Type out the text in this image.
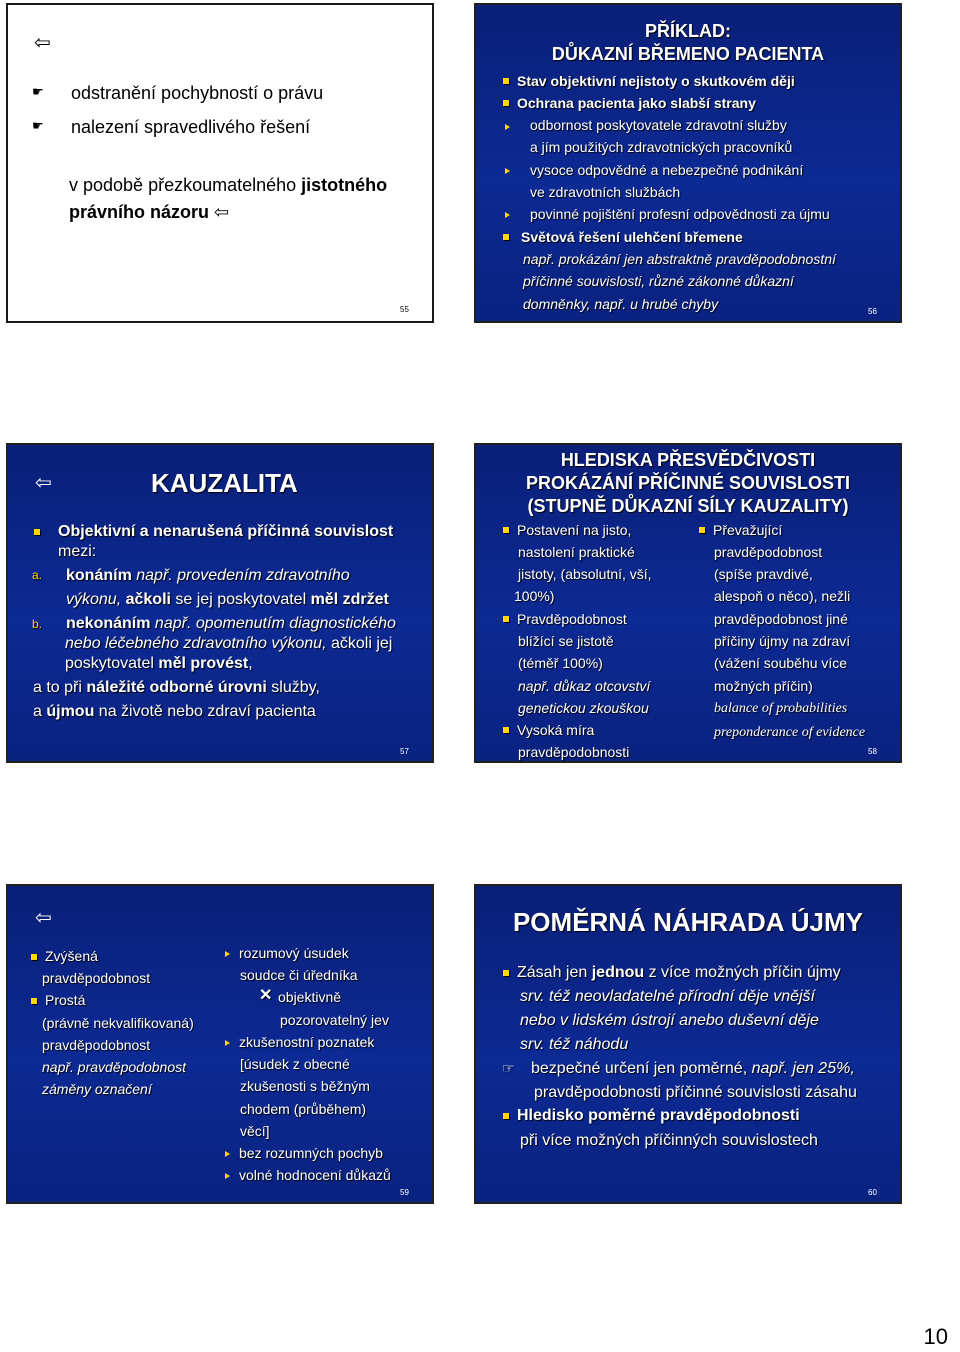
⇦
☛ odstranění pochybností o právu
☛ nalezení spravedlivého řešení
v podobě přezkoumatelného jistotného
právního názoru ⇦
55
PŘÍKLAD:
DŮKAZNÍ BŘEMENO PACIENTA
Stav objektivní nejistoty o skutkovém ději
Ochrana pacienta jako slabší strany
odbornost poskytovatele zdravotní služby
a jím použitých zdravotnických pracovníků
vysoce odpovědné a nebezpečné podnikání
ve zdravotních službách
povinné pojištění profesní odpovědnosti za újmu
Světová řešení ulehčení břemene
např. prokázání jen abstraktně pravděpodobnostní
příčinné souvislosti, různé zákonné důkazní
domněnky, např. u hrubé chyby	56
⇦	KAUZALITA
Objektivní a nenarušená příčinná souvislost
mezi:
a. konáním např. provedením zdravotního
výkonu, ačkoli se jej poskytovatel měl zdržet
b. nekonáním např. opomenutím diagnostického
nebo léčebného zdravotního výkonu, ačkoli jej
poskytovatel měl provést,
a to při náležité odborné úrovni služby,
a újmou na životě nebo zdraví pacienta
57
HLEDISKA PŘESVĚDČIVOSTI
PROKÁZÁNÍ PŘÍČINNÉ SOUVISLOSTI
(STUPNĚ DŮKAZNÍ SÍLY KAUZALITY)
Postavení na jisto,
nastolení praktické
jistoty, (absolutní, vší,
100%)
Pravděpodobnost
blížící se jistotě
(téměř 100%)
např. důkaz otcovství
genetickou zkouškou
Vysoká míra
pravděpodobnosti
Převažující
pravděpodobnost
(spíše pravdivé,
alespoň o něco), nežli
pravděpodobnost jiné
příčiny újmy na zdraví
(vážení souběhu více
možných příčin)
balance of probabilities
preponderance of evidence
58
⇦
Zvýšená
pravděpodobnost
Prostá
(právně nekvalifikovaná)
pravděpodobnost
např. pravděpodobnost
záměny označení
rozumový úsudek
soudce či úředníka
✕ objektivně
pozorovatelný jev
zkušenostní poznatek
[úsudek z obecné
zkušenosti s běžným
chodem (průběhem)
věcí]
bez rozumných pochyb
volné hodnocení důkazů
59
POMĚRNÁ NÁHRADA ÚJMY
Zásah jen jednou z více možných příčin újmy
srv. též neovladatelné přírodní děje vnější
nebo v lidském ústrojí anebo duševní děje
srv. též náhodu
☞ bezpečné určení jen poměrné, např. jen 25%,
pravděpodobnosti příčinné souvislosti zásahu
Hledisko poměrné pravděpodobnosti
při více možných příčinných souvislostech
60
10
